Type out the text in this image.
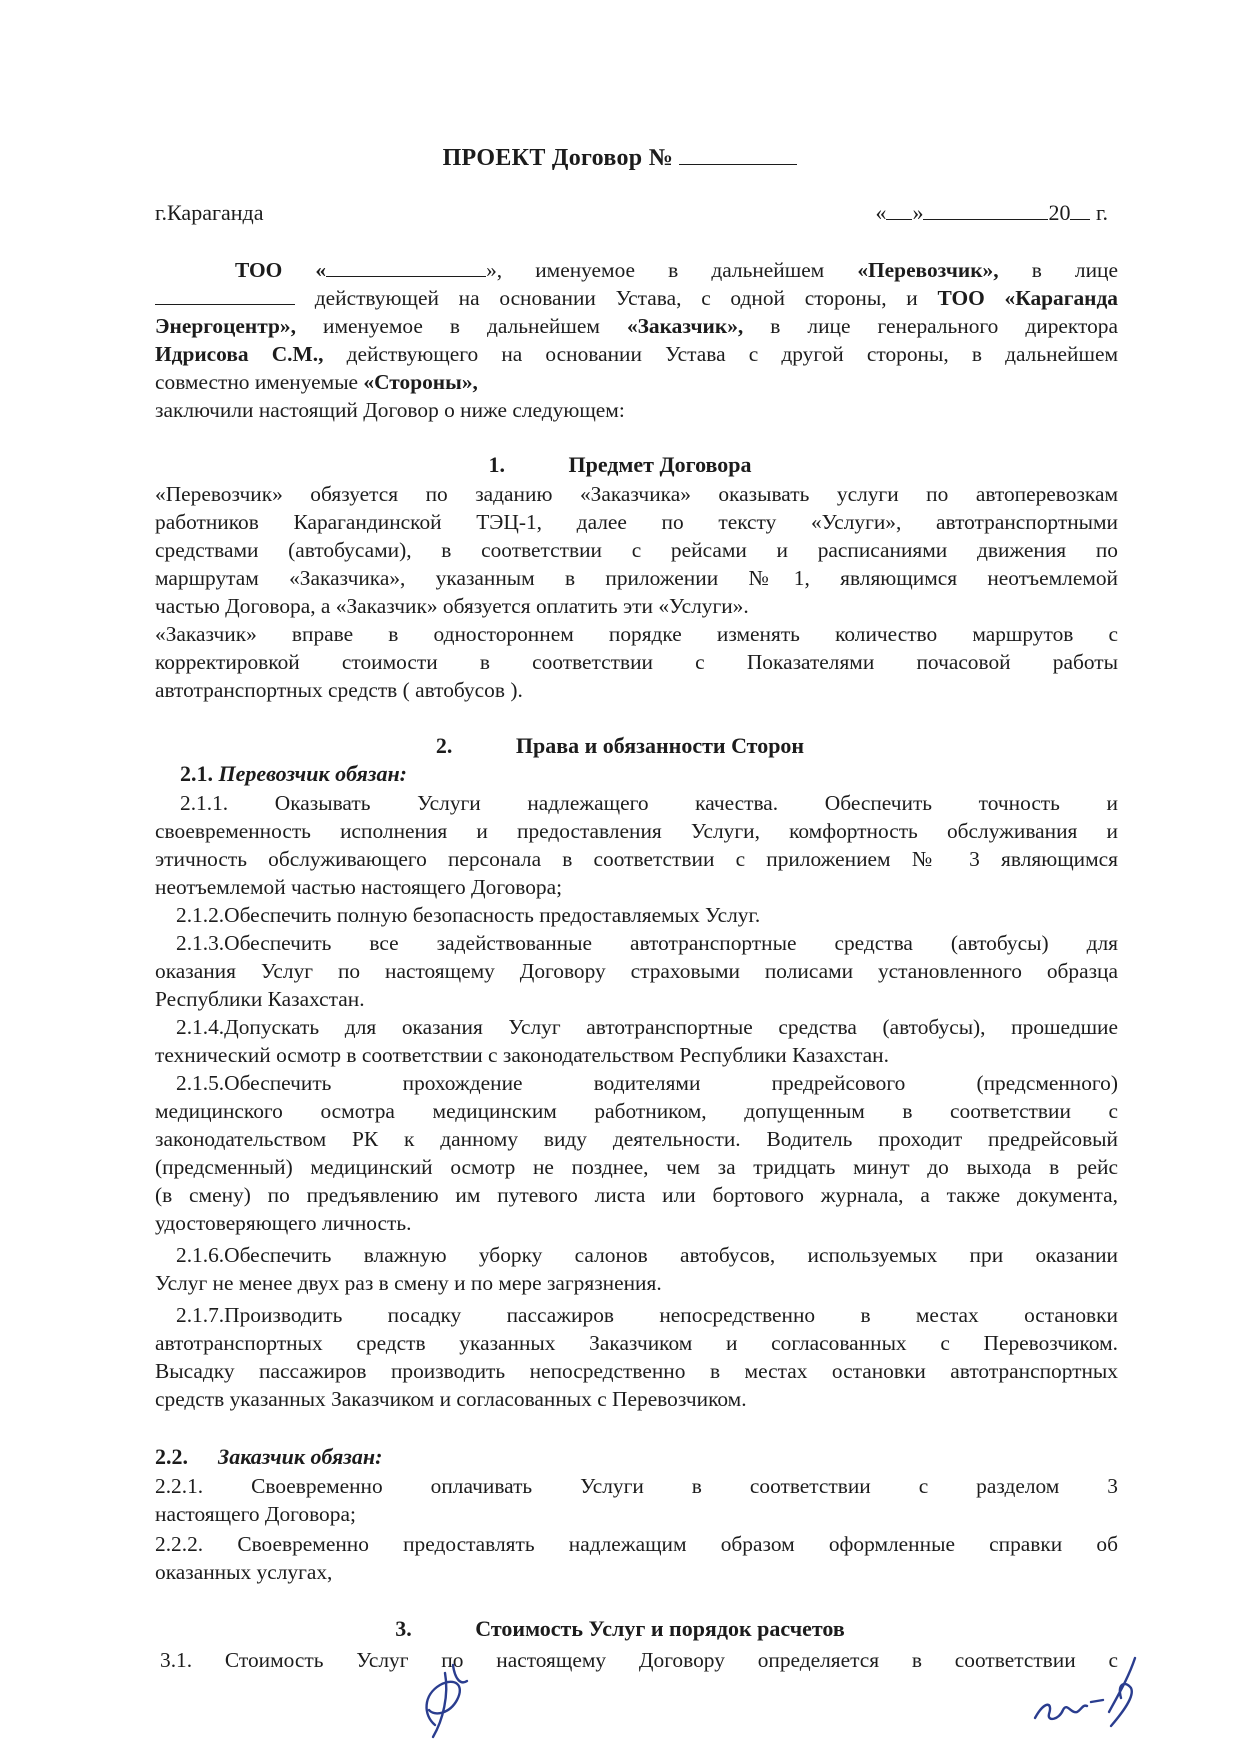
ПРОЕКТ Договор №
г.Караганда	« »	20 г.
ТОО «	», именуемое в дальнейшем «Перевозчик», в лице
действующей на основании Устава, с одной стороны, и ТОО «Караганда
Энергоцентр», именуемое в дальнейшем «Заказчик», в лице генерального директора
Идрисова С.М., действующего на основании Устава с другой стороны, в дальнейшем
совместно именуемые «Стороны»,
заключили настоящий Договор о ниже следующем:
1.	Предмет Договора
«Перевозчик» обязуется по заданию «Заказчика» оказывать услуги по автоперевозкам
работников Карагандинской ТЭЦ-1, далее по тексту «Услуги», автотранспортными
средствами (автобусами), в соответствии с рейсами и расписаниями движения по
маршрутам «Заказчика», указанным в приложении №1, являющимся неотъемлемой
частью Договора, а «Заказчик» обязуется оплатить эти «Услуги».
«Заказчик» вправе в одностороннем порядке изменять количество маршрутов с
корректировкой стоимости в соответствии с Показателями почасовой работы
автотранспортных средств ( автобусов ).
2.	Права и обязанности Сторон
2.1. Перевозчик обязан:
2.1.1. Оказывать Услуги надлежащего качества. Обеспечить точность и
своевременность исполнения и предоставления Услуги, комфортность обслуживания и
этичность обслуживающего персонала в соответствии с приложением № 3 являющимся
неотъемлемой частью настоящего Договора;
2.1.2.Обеспечить полную безопасность предоставляемых Услуг.
2.1.3.Обеспечить все задействованные автотранспортные средства (автобусы) для
оказания Услуг по настоящему Договору страховыми полисами установленного образца
Республики Казахстан.
2.1.4.Допускать для оказания Услуг автотранспортные средства (автобусы), прошедшие
технический осмотр в соответствии с законодательством Республики Казахстан.
2.1.5.Обеспечить прохождение водителями предрейсового (предсменного)
медицинского осмотра медицинским работником, допущенным в соответствии с
законодательством РК к данному виду деятельности. Водитель проходит предрейсовый
(предсменный) медицинский осмотр не позднее, чем за тридцать минут до выхода в рейс
(в смену) по предъявлению им путевого листа или бортового журнала, а также документа,
удостоверяющего личность.
2.1.6.Обеспечить влажную уборку салонов автобусов, используемых при оказании
Услуг не менее двух раз в смену и по мере загрязнения.
2.1.7.Производить посадку пассажиров непосредственно в местах остановки
автотранспортных средств указанных Заказчиком и согласованных с Перевозчиком.
Высадку пассажиров производить непосредственно в местах остановки автотранспортных
средств указанных Заказчиком и согласованных с Перевозчиком.
2.2. Заказчик обязан:
2.2.1. Своевременно оплачивать Услуги в соответствии с разделом 3
настоящего Договора;
2.2.2. Своевременно предоставлять надлежащим образом оформленные справки об
оказанных услугах,
3.	Стоимость Услуг и порядок расчетов
3.1. Стоимость Услуг по настоящему Договору определяется в соответствии с
